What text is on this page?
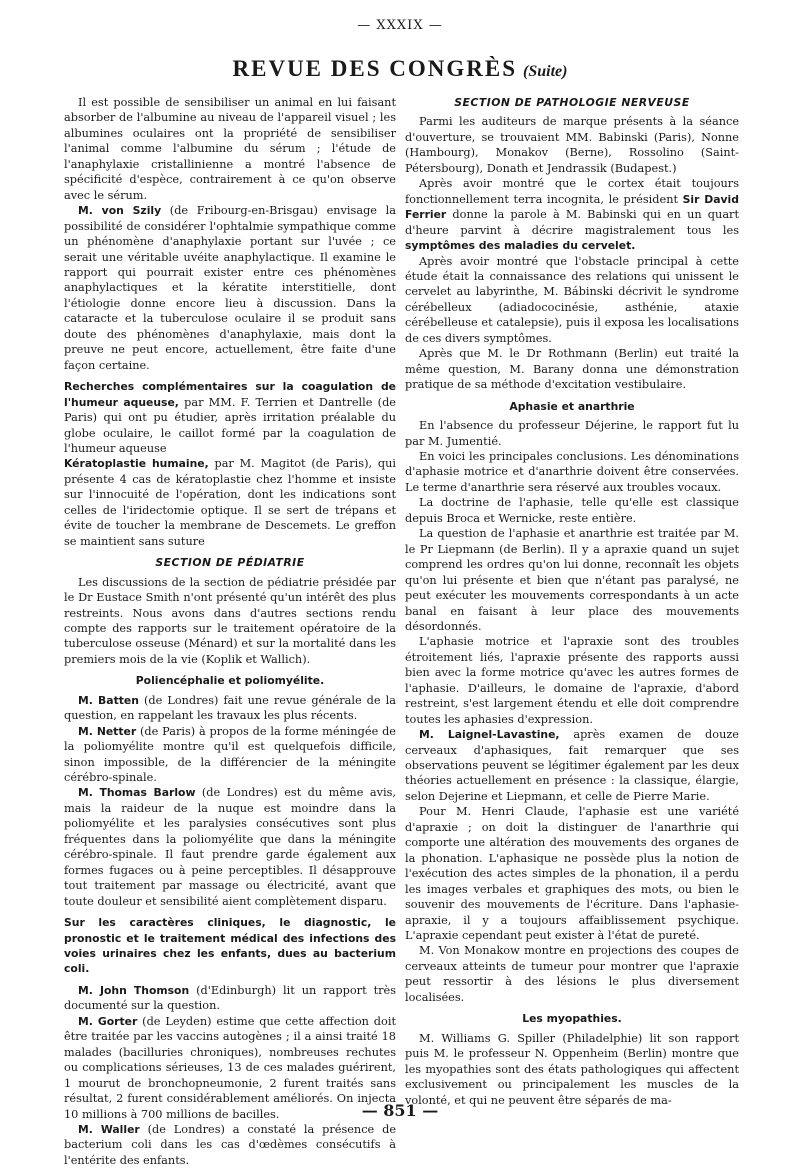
— XXXIX —
REVUE DES CONGRÈS (Suite)

Il est possible de sensibiliser un animal en lui faisant absorber de l'albumine au niveau de l'appareil visuel ; les albumines oculaires ont la propriété de sensibiliser l'animal comme l'albumine du sérum ; l'étude de l'anaphylaxie cristallinienne a montré l'absence de spécificité d'espèce, contrairement à ce qu'on observe avec le sérum.

M. von Szily (de Fribourg-en-Brisgau) envisage la possibilité de considérer l'ophtalmie sympathique comme un phénomène d'anaphylaxie portant sur l'uvée ; ce serait une véritable uvéite anaphylactique. Il examine le rapport qui pourrait exister entre ces phénomènes anaphylactiques et la kératite interstitielle, dont l'étiologie donne encore lieu à discussion. Dans la cataracte et la tuberculose oculaire il se produit sans doute des phénomènes d'anaphylaxie, mais dont la preuve ne peut encore, actuellement, être faite d'une façon certaine.

Recherches complémentaires sur la coagulation de l'humeur aqueuse, par MM. F. Terrien et Dantrelle (de Paris) qui ont pu étudier, après irritation préalable du globe oculaire, le caillot formé par la coagulation de l'humeur aqueuse

Kératoplastie humaine, par M. Magitot (de Paris), qui présente 4 cas de kératoplastie chez l'homme et insiste sur l'innocuité de l'opération, dont les indications sont celles de l'iridectomie optique. Il se sert de trépans et évite de toucher la membrane de Descemets. Le greffon se maintient sans suture

SECTION DE PÉDIATRIE

Les discussions de la section de pédiatrie présidée par le Dr Eustace Smith n'ont présenté qu'un intérêt des plus restreints. Nous avons dans d'autres sections rendu compte des rapports sur le traitement opératoire de la tuberculose osseuse (Ménard) et sur la mortalité dans les premiers mois de la vie (Koplik et Wallich).

Poliencéphalie et poliomyélite.

M. Batten (de Londres) fait une revue générale de la question, en rappelant les travaux les plus récents.

M. Netter (de Paris) à propos de la forme méningée de la poliomyélite montre qu'il est quelquefois difficile, sinon impossible, de la différencier de la méningite cérébro-spinale.

M. Thomas Barlow (de Londres) est du même avis, mais la raideur de la nuque est moindre dans la poliomyélite et les paralysies consécutives sont plus fréquentes dans la poliomyélite que dans la méningite cérébro-spinale. Il faut prendre garde également aux formes fugaces ou à peine perceptibles. Il désapprouve tout traitement par massage ou électricité, avant que toute douleur et sensibilité aient complètement disparu.

Sur les caractères cliniques, le diagnostic, le pronostic et le traitement médical des infections des voies urinaires chez les enfants, dues au bacterium coli.

M. John Thomson (d'Edinburgh) lit un rapport très documenté sur la question.

M. Gorter (de Leyden) estime que cette affection doit être traitée par les vaccins autogènes ; il a ainsi traité 18 malades (bacilluries chroniques), nombreuses rechutes ou complications sérieuses, 13 de ces malades guérirent, 1 mourut de bronchopneumonie, 2 furent traités sans résultat, 2 furent considérablement améliorés. On injecta 10 millions à 700 millions de bacilles.

M. Waller (de Londres) a constaté la présence de bacterium coli dans les cas d'œdèmes consécutifs à l'entérite des enfants.

SECTION DE PATHOLOGIE NERVEUSE

Parmi les auditeurs de marque présents à la séance d'ouverture, se trouvaient MM. Babinski (Paris), Nonne (Hambourg), Monakov (Berne), Rossolino (Saint-Pétersbourg), Donath et Jendrassik (Budapest.)

Après avoir montré que le cortex était toujours fonctionnellement terra incognita, le président Sir David Ferrier donne la parole à M. Babinski qui en un quart d'heure parvint à décrire magistralement tous les symptômes des maladies du cervelet.

Après avoir montré que l'obstacle principal à cette étude était la connaissance des relations qui unissent le cervelet au labyrinthe, M. Bábinski décrivit le syndrome cérébelleux (adiadococinésie, asthénie, ataxie cérébelleuse et catalepsie), puis il exposa les localisations de ces divers symptômes.

Après que M. le Dr Rothmann (Berlin) eut traité la même question, M. Barany donna une démonstration pratique de sa méthode d'excitation vestibulaire.

Aphasie et anarthrie

En l'absence du professeur Déjerine, le rapport fut lu par M. Jumentié.

En voici les principales conclusions. Les dénominations d'aphasie motrice et d'anarthrie doivent être conservées. Le terme d'anarthrie sera réservé aux troubles vocaux.

La doctrine de l'aphasie, telle qu'elle est classique depuis Broca et Wernicke, reste entière.

La question de l'aphasie et anarthrie est traitée par M. le Pr Liepmann (de Berlin). Il y a apraxie quand un sujet comprend les ordres qu'on lui donne, reconnaît les objets qu'on lui présente et bien que n'étant pas paralysé, ne peut exécuter les mouvements correspondants à un acte banal en faisant à leur place des mouvements désordonnés.

L'aphasie motrice et l'apraxie sont des troubles étroitement liés, l'apraxie présente des rapports aussi bien avec la forme motrice qu'avec les autres formes de l'aphasie. D'ailleurs, le domaine de l'apraxie, d'abord restreint, s'est largement étendu et elle doit comprendre toutes les aphasies d'expression.

M. Laignel-Lavastine, après examen de douze cerveaux d'aphasiques, fait remarquer que ses observations peuvent se légitimer également par les deux théories actuellement en présence : la classique, élargie, selon Dejerine et Liepmann, et celle de Pierre Marie.

Pour M. Henri Claude, l'aphasie est une variété d'apraxie ; on doit la distinguer de l'anarthrie qui comporte une altération des mouvements des organes de la phonation. L'aphasique ne possède plus la notion de l'exécution des actes simples de la phonation, il a perdu les images verbales et graphiques des mots, ou bien le souvenir des mouvements de l'écriture. Dans l'aphasie-apraxie, il y a toujours affaiblissement psychique. L'apraxie cependant peut exister à l'état de pureté.

M. Von Monakow montre en projections des coupes de cerveaux atteints de tumeur pour montrer que l'apraxie peut ressortir à des lésions le plus diversement localisées.

Les myopathies.

M. Williams G. Spiller (Philadelphie) lit son rapport puis M. le professeur N. Oppenheim (Berlin) montre que les myopathies sont des états pathologiques qui affectent exclusivement ou principalement les muscles de la volonté, et qui ne peuvent être séparés de ma-

— 851 —
